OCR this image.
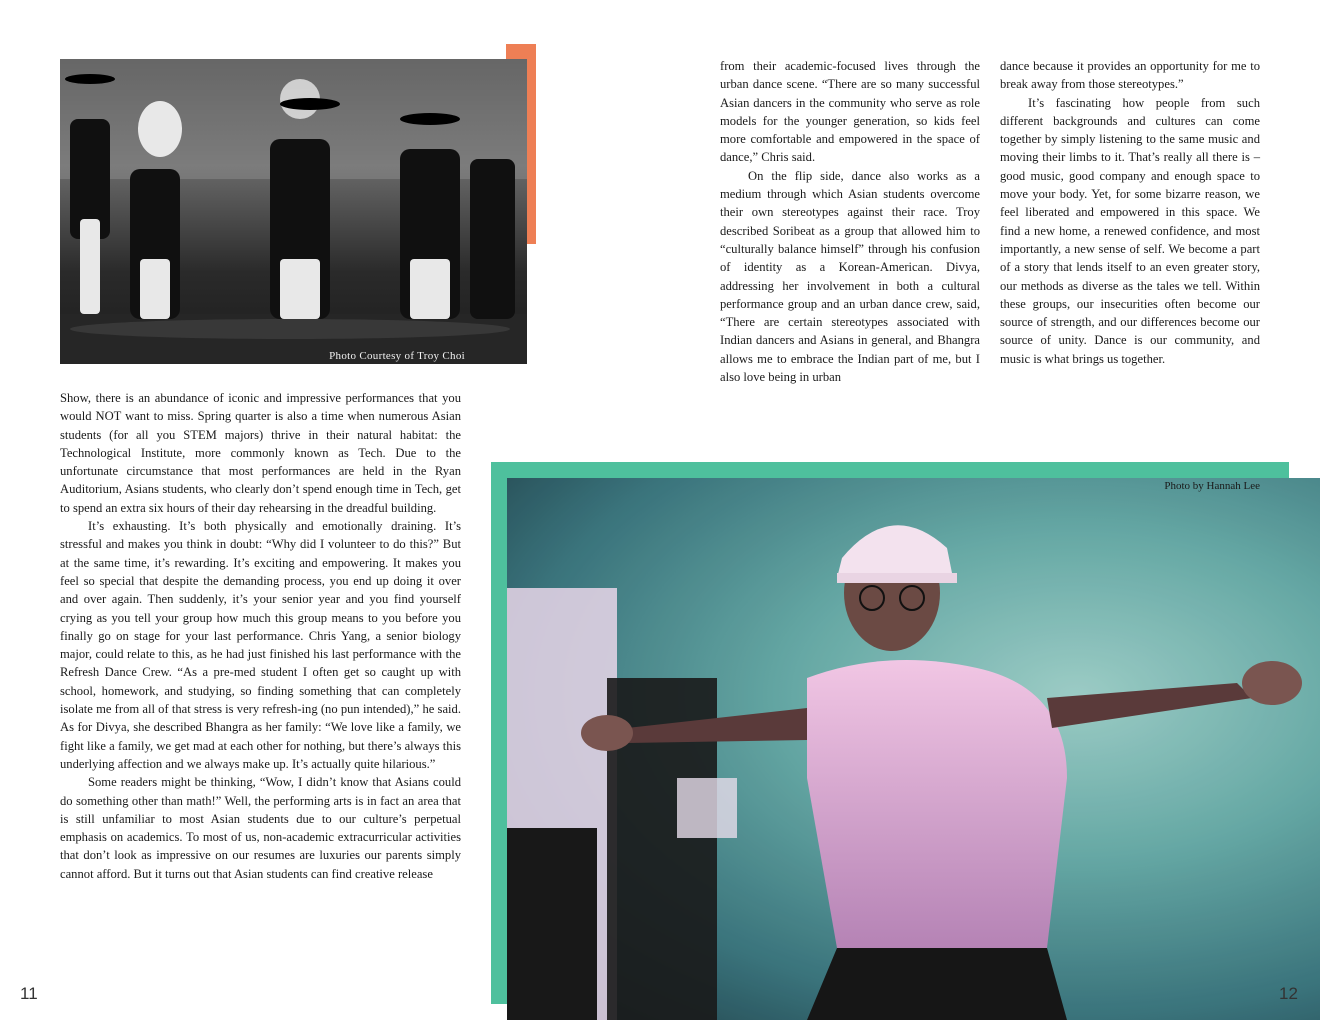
Photo Courtesy of Troy Choi

Show, there is an abundance of iconic and impressive performances that you would NOT want to miss. Spring quarter is also a time when numerous Asian students (for all you STEM majors) thrive in their natural habitat: the Technological Institute, more commonly known as Tech. Due to the unfortunate circumstance that most performances are held in the Ryan Auditorium, Asians students, who clearly don’t spend enough time in Tech, get to spend an extra six hours of their day rehearsing in the dreadful building.

It’s exhausting. It’s both physically and emotionally draining. It’s stressful and makes you think in doubt: “Why did I volunteer to do this?” But at the same time, it’s rewarding. It’s exciting and empowering. It makes you feel so special that despite the demanding process, you end up doing it over and over again. Then suddenly, it’s your senior year and you find yourself crying as you tell your group how much this group means to you before you finally go on stage for your last performance. Chris Yang, a senior biology major, could relate to this, as he had just finished his last performance with the Refresh Dance Crew. “As a pre-med student I often get so caught up with school, homework, and studying, so finding something that can completely isolate me from all of that stress is very refresh-ing (no pun intended),” he said. As for Divya, she described Bhangra as her family: “We love like a family, we fight like a family, we get mad at each other for nothing, but there’s always this underlying affection and we always make up. It’s actually quite hilarious.”

Some readers might be thinking, “Wow, I didn’t know that Asians could do something other than math!” Well, the performing arts is in fact an area that is still unfamiliar to most Asian students due to our culture’s perpetual emphasis on academics. To most of us, non-academic extracurricular activities that don’t look as impressive on our resumes are luxuries our parents simply cannot afford. But it turns out that Asian students can find creative release

from their academic-focused lives through the urban dance scene. “There are so many successful Asian dancers in the community who serve as role models for the younger generation, so kids feel more comfortable and empowered in the space of dance,” Chris said.

On the flip side, dance also works as a medium through which Asian students overcome their own stereotypes against their race. Troy described Soribeat as a group that allowed him to “culturally balance himself” through his confusion of identity as a Korean-American. Divya, addressing her involvement in both a cultural performance group and an urban dance crew, said, “There are certain stereotypes associated with Indian dancers and Asians in general, and Bhangra allows me to embrace the Indian part of me, but I also love being in urban

dance because it provides an opportunity for me to break away from those stereotypes.”

It’s fascinating how people from such different backgrounds and cultures can come together by simply listening to the same music and moving their limbs to it. That’s really all there is – good music, good company and enough space to move your body. Yet, for some bizarre reason, we feel liberated and empowered in this space. We find a new home, a renewed confidence, and most importantly, a new sense of self. We become a part of a story that lends itself to an even greater story, our methods as diverse as the tales we tell. Within these groups, our insecurities often become our source of strength, and our differences become our source of unity. Dance is our community, and music is what brings us together.

Photo by Hannah Lee
11	12
